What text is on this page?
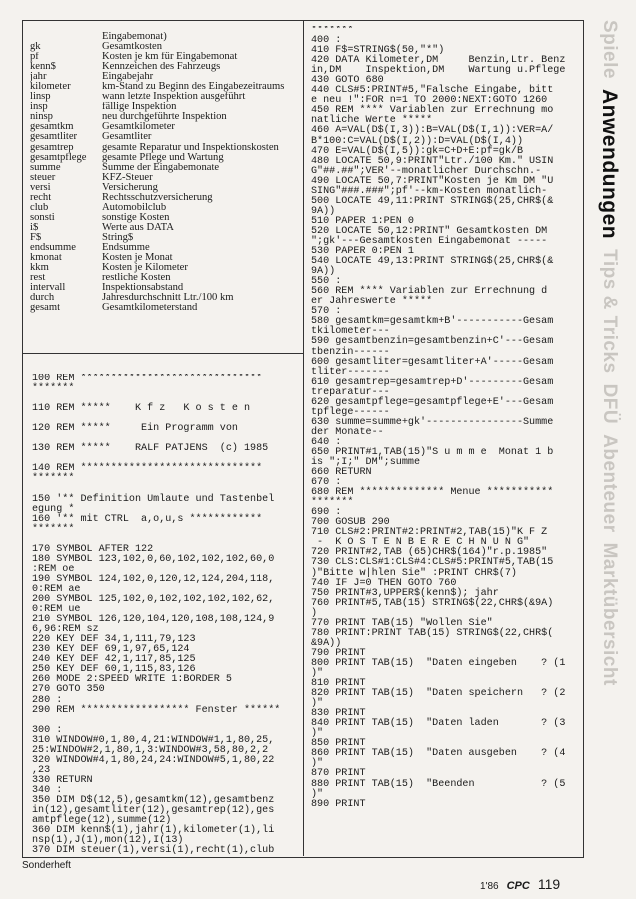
Eingabemonat)
gk	Gesamtkosten
pf	Kosten je km für Eingabemonat
kenn$	Kennzeichen des Fahrzeugs
jahr	Eingabejahr
kilometer	km-Stand zu Beginn des Eingabezeitraums
linsp	wann letzte Inspektion ausgeführt
insp	fällige Inspektion
ninsp	neu durchgeführte Inspektion
gesamtkm	Gesamtkilometer
gesamtliter	Gesamtliter
gesamtrep	gesamte Reparatur und Inspektionskosten
gesamtpflege	gesamte Pflege und Wartung
summe	Summe der Eingabemonate
steuer	KFZ-Steuer
versi	Versicherung
recht	Rechtsschutzversicherung
club	Automobilclub
sonsti	sonstige Kosten
i$	Werte aus DATA
F$	String$
endsumme	Endsumme
kmonat	Kosten je Monat
kkm	Kosten je Kilometer
rest	restliche Kosten
intervall	Inspektionsabstand
durch	Jahresdurchschnitt Ltr./100 km
gesamt	Gesamtkilometerstand
100 REM ******************************
*******

110 REM *****    K f z   K o s t e n

120 REM *****     Ein Programm von

130 REM *****    RALF PATJENS  (c) 1985

140 REM ******************************
*******

150 '** Definition Umlaute und Tastenbel
egung *
160 '** mit CTRL  a,o,u,s ************
*******

170 SYMBOL AFTER 122
180 SYMBOL 123,102,0,60,102,102,102,60,0
:REM oe
190 SYMBOL 124,102,0,120,12,124,204,118,
0:REM ae
200 SYMBOL 125,102,0,102,102,102,102,62,
0:REM ue
210 SYMBOL 126,120,104,120,108,108,124,9
6,96:REM sz
220 KEY DEF 34,1,111,79,123
230 KEY DEF 69,1,97,65,124
240 KEY DEF 42,1,117,85,125
250 KEY DEF 60,1,115,83,126
260 MODE 2:SPEED WRITE 1:BORDER 5
270 GOTO 350
280 :
290 REM ****************** Fenster ******

300 :
310 WINDOW#0,1,80,4,21:WINDOW#1,1,80,25,
25:WINDOW#2,1,80,1,3:WINDOW#3,58,80,2,2
320 WINDOW#4,1,80,24,24:WINDOW#5,1,80,22
,23
330 RETURN
340 :
350 DIM D$(12,5),gesamtkm(12),gesamtbenz
in(12),gesamtliter(12),gesamtrep(12),ges
amtpflege(12),summe(12)
360 DIM kenn$(1),jahr(1),kilometer(1),li
nsp(1),J(1),mon(12),I(13)
370 DIM steuer(1),versi(1),recht(1),club

*******
400 :
410 F$=STRING$(50,"*")
420 DATA Kilometer,DM     Benzin,Ltr. Benz
in,DM    Inspektion,DM    Wartung u.Pflege
430 GOTO 680
440 CLS#5:PRINT#5,"Falsche Eingabe, bitt
e neu !":FOR n=1 TO 2000:NEXT:GOTO 1260
450 REM **** Variablen zur Errechnung mo
natliche Werte *****
460 A=VAL(D$(I,3)):B=VAL(D$(I,1)):VER=A/
B*100:C=VAL(D$(I,2)):D=VAL(D$(I,4))
470 E=VAL(D$(I,5)):gk=C+D+E:pf=gk/B
480 LOCATE 50,9:PRINT"Ltr./100 Km." USIN
G"##.##";VER'--monatlicher Durchschn.-
490 LOCATE 50,7:PRINT"Kosten je Km DM "U
SING"###.###";pf'--km-Kosten monatlich-
500 LOCATE 49,11:PRINT STRING$(25,CHR$(&
9A))
510 PAPER 1:PEN 0
520 LOCATE 50,12:PRINT" Gesamtkosten DM
";gk'---Gesamtkosten Eingabemonat -----
530 PAPER 0:PEN 1
540 LOCATE 49,13:PRINT STRING$(25,CHR$(&
9A))
550 :
560 REM **** Variablen zur Errechnung d
er Jahreswerte *****
570 :
580 gesamtkm=gesamtkm+B'-----------Gesam
tkilometer---
590 gesamtbenzin=gesamtbenzin+C'---Gesam
tbenzin------
600 gesamtliter=gesamtliter+A'-----Gesam
tliter-------
610 gesamtrep=gesamtrep+D'---------Gesam
treparatur---
620 gesamtpflege=gesamtpflege+E'---Gesam
tpflege------
630 summe=summe+gk'----------------Summe
der Monate--
640 :
650 PRINT#1,TAB(15)"S u m m e  Monat 1 b
is ";I;" DM";summe
660 RETURN
670 :
680 REM ************** Menue ***********
*******
690 :
700 GOSUB 290
710 CLS#2:PRINT#2:PRINT#2,TAB(15)"K F Z
-  K O S T E N B E R E C H N U N G"
720 PRINT#2,TAB (65)CHR$(164)"r.p.1985"
730 CLS:CLS#1:CLS#4:CLS#5:PRINT#5,TAB(15
)"Bitte w|hlen Sie" :PRINT CHR$(7)
740 IF J=0 THEN GOTO 760
750 PRINT#3,UPPER$(kenn$); jahr
760 PRINT#5,TAB(15) STRING$(22,CHR$(&9A)
)
770 PRINT TAB(15) "Wollen Sie"
780 PRINT:PRINT TAB(15) STRING$(22,CHR$(
&9A))
790 PRINT
800 PRINT TAB(15)  "Daten eingeben    ? (1
)"
810 PRINT
820 PRINT TAB(15)  "Daten speichern   ? (2
)"
830 PRINT
840 PRINT TAB(15)  "Daten laden       ? (3
)"
850 PRINT
860 PRINT TAB(15)  "Daten ausgeben    ? (4
)"
870 PRINT
880 PRINT TAB(15)  "Beenden           ? (5
)"
890 PRINT
Spiele
Anwendungen
Tips & Tricks
DFÜ
Abenteuer
Marktübersicht
Sonderheft
1'86 CPC 119
